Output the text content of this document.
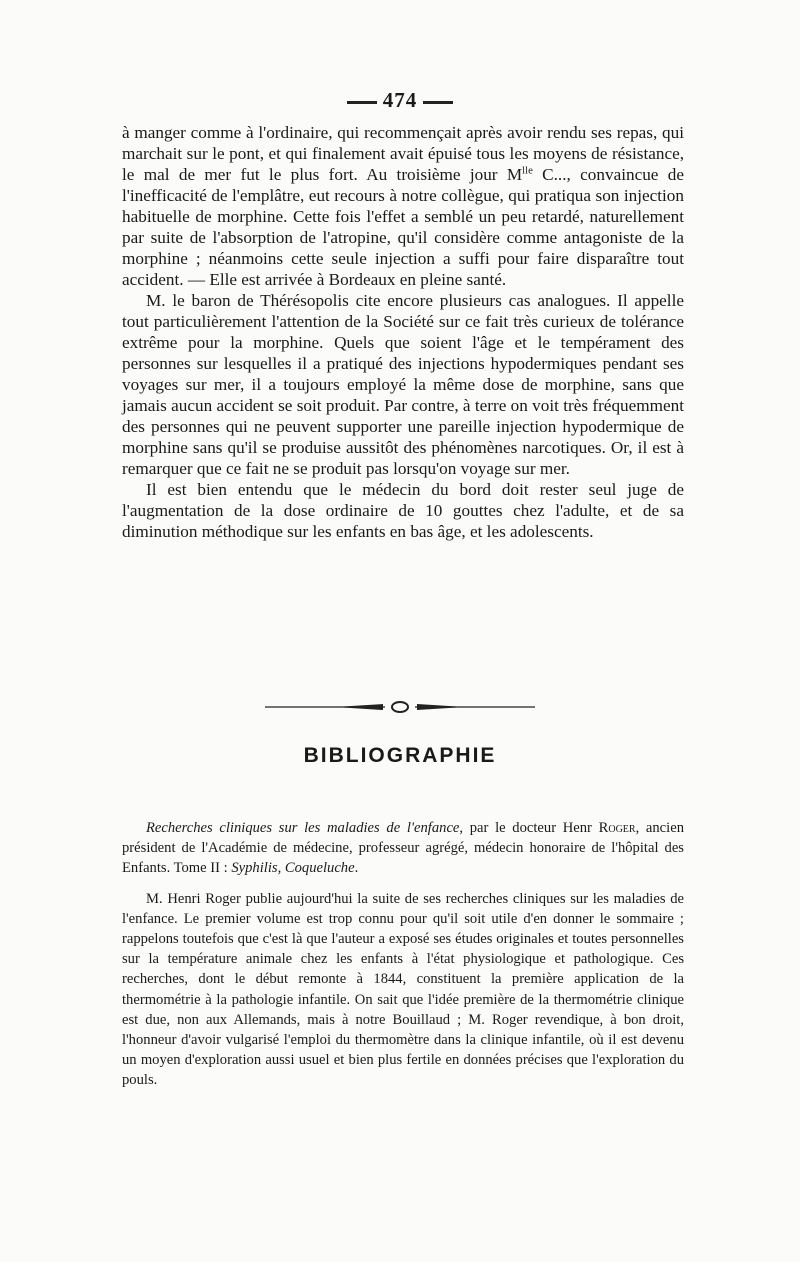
474

à manger comme à l'ordinaire, qui recommençait après avoir rendu ses repas, qui marchait sur le pont, et qui finalement avait épuisé tous les moyens de résistance, le mal de mer fut le plus fort. Au troisième jour $M^{lle}$ C..., convaincue de l'inefficacité de l'emplâtre, eut recours à notre collègue, qui pratiqua son injection habituelle de morphine. Cette fois l'effet a semblé un peu retardé, naturellement par suite de l'absorption de l'atropine, qu'il considère comme antagoniste de la morphine ; néanmoins cette seule injection a suffi pour faire disparaître tout accident. — Elle est arrivée à Bordeaux en pleine santé.

M. le baron de Thérésopolis cite encore plusieurs cas analogues. Il appelle tout particulièrement l'attention de la Société sur ce fait très curieux de tolérance extrême pour la morphine. Quels que soient l'âge et le tempérament des personnes sur lesquelles il a pratiqué des injections hypodermiques pendant ses voyages sur mer, il a toujours employé la même dose de morphine, sans que jamais aucun accident se soit produit. Par contre, à terre on voit très fréquemment des personnes qui ne peuvent supporter une pareille injection hypodermique de morphine sans qu'il se produise aussitôt des phénomènes narcotiques. Or, il est à remarquer que ce fait ne se produit pas lorsqu'on voyage sur mer.

Il est bien entendu que le médecin du bord doit rester seul juge de l'augmentation de la dose ordinaire de 10 gouttes chez l'adulte, et de sa diminution méthodique sur les enfants en bas âge, et les adolescents.

BIBLIOGRAPHIE

Recherches cliniques sur les maladies de l'enfance, par le docteur Henr Roger, ancien président de l'Académie de médecine, professeur agrégé, médecin honoraire de l'hôpital des Enfants. Tome II : Syphilis, Coqueluche.

M. Henri Roger publie aujourd'hui la suite de ses recherches cliniques sur les maladies de l'enfance. Le premier volume est trop connu pour qu'il soit utile d'en donner le sommaire ; rappelons toutefois que c'est là que l'auteur a exposé ses études originales et toutes personnelles sur la température animale chez les enfants à l'état physiologique et pathologique. Ces recherches, dont le début remonte à 1844, constituent la première application de la thermométrie à la pathologie infantile. On sait que l'idée première de la thermométrie clinique est due, non aux Allemands, mais à notre Bouillaud ; M. Roger revendique, à bon droit, l'honneur d'avoir vulgarisé l'emploi du thermomètre dans la clinique infantile, où il est devenu un moyen d'exploration aussi usuel et bien plus fertile en données précises que l'exploration du pouls.
